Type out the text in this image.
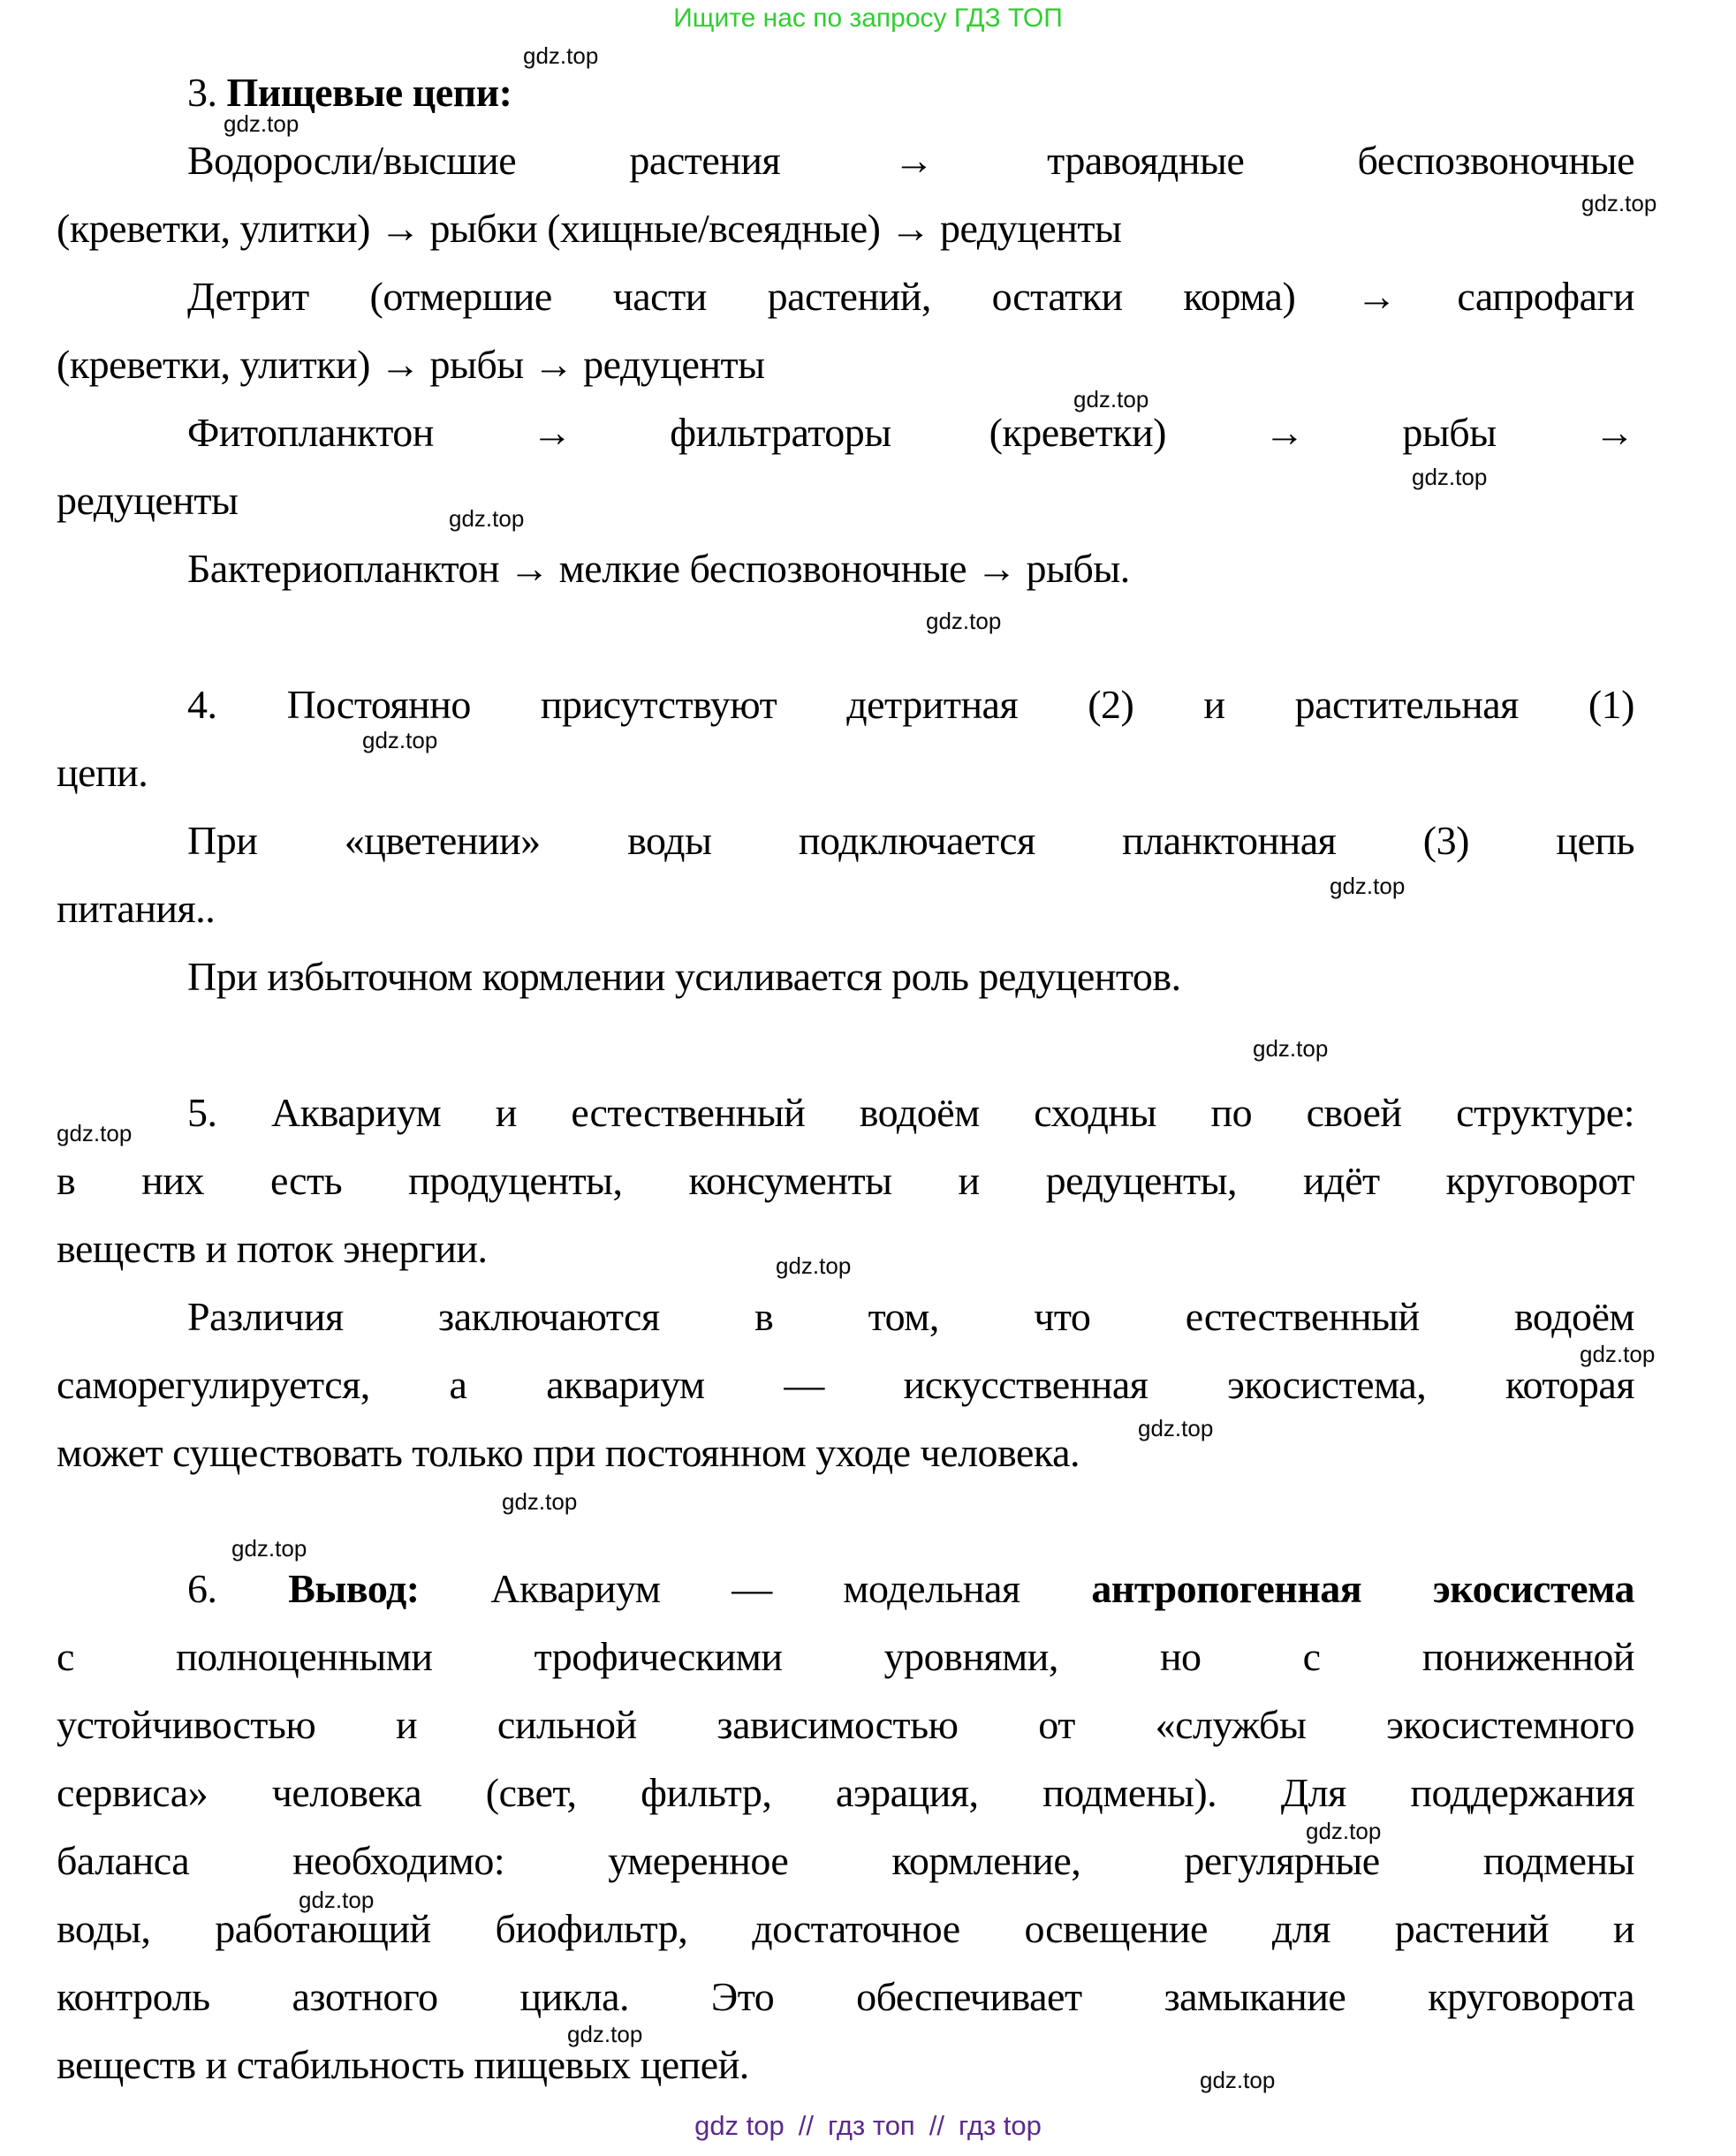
Ищите нас по запросу ГДЗ ТОП
3. Пищевые цепи:
Водоросли/высшие растения → травоядные беспозвоночные
(креветки, улитки) → рыбки (хищные/всеядные) → редуценты
Детрит (отмершие части растений, остатки корма) → сапрофаги
(креветки, улитки) → рыбы → редуценты
Фитопланктон → фильтраторы (креветки) → рыбы →
редуценты
Бактериопланктон → мелкие беспозвоночные → рыбы.
4. Постоянно присутствуют детритная (2) и растительная (1)
цепи.
При «цветении» воды подключается планктонная (3) цепь
питания..
При избыточном кормлении усиливается роль редуцентов.
5. Аквариум и естественный водоём сходны по своей структуре:
в них есть продуценты, консументы и редуценты, идёт круговорот
веществ и поток энергии.
Различия заключаются в том, что естественный водоём
саморегулируется, а аквариум — искусственная экосистема, которая
может существовать только при постоянном уходе человека.
6. Вывод: Аквариум — модельная антропогенная экосистема
с полноценными трофическими уровнями, но с пониженной
устойчивостью и сильной зависимостью от «службы экосистемного
сервиса» человека (свет, фильтр, аэрация, подмены). Для поддержания
баланса необходимо: умеренное кормление, регулярные подмены
воды, работающий биофильтр, достаточное освещение для растений и
контроль азотного цикла. Это обеспечивает замыкание круговорота
веществ и стабильность пищевых цепей.
gdz.top
gdz.top
gdz.top
gdz.top
gdz.top
gdz.top
gdz.top
gdz.top
gdz.top
gdz.top
gdz.top
gdz.top
gdz.top
gdz.top
gdz.top
gdz.top
gdz.top
gdz.top
gdz.top
gdz.top
gdz top // гдз топ // гдз top
